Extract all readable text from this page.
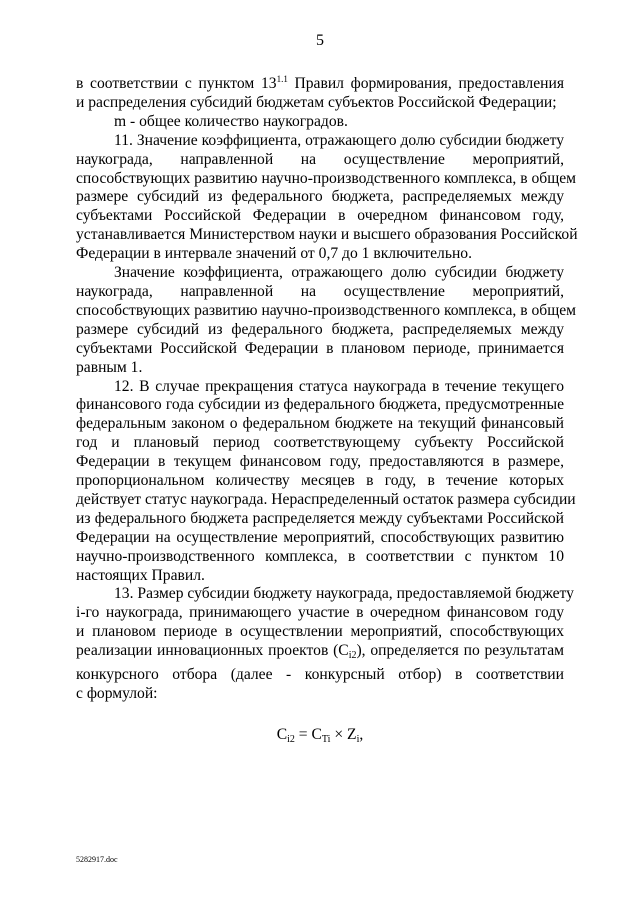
5
в соответствии с пунктом $13^{1.1}$ Правил формирования, предоставления
и распределения субсидий бюджетам субъектов Российской Федерации;
m - общее количество наукоградов.
11. Значение коэффициента, отражающего долю субсидии бюджету
наукограда, направленной на осуществление мероприятий,
способствующих развитию научно-производственного комплекса, в общем
размере субсидий из федерального бюджета, распределяемых между
субъектами Российской Федерации в очередном финансовом году,
устанавливается Министерством науки и высшего образования Российской
Федерации в интервале значений от 0,7 до 1 включительно.
Значение коэффициента, отражающего долю субсидии бюджету
наукограда, направленной на осуществление мероприятий,
способствующих развитию научно-производственного комплекса, в общем
размере субсидий из федерального бюджета, распределяемых между
субъектами Российской Федерации в плановом периоде, принимается
равным 1.
12. В случае прекращения статуса наукограда в течение текущего
финансового года субсидии из федерального бюджета, предусмотренные
федеральным законом о федеральном бюджете на текущий финансовый
год и плановый период соответствующему субъекту Российской
Федерации в текущем финансовом году, предоставляются в размере,
пропорциональном количеству месяцев в году, в течение которых
действует статус наукограда. Нераспределенный остаток размера субсидии
из федерального бюджета распределяется между субъектами Российской
Федерации на осуществление мероприятий, способствующих развитию
научно-производственного комплекса, в соответствии с пунктом 10
настоящих Правил.
13. Размер субсидии бюджету наукограда, предоставляемой бюджету
i-го наукограда, принимающего участие в очередном финансовом году
и плановом периоде в осуществлении мероприятий, способствующих
реализации инновационных проектов $(C_{i2})$, определяется по результатам
конкурсного отбора (далее - конкурсный отбор) в соответствии
с формулой:
$C_{i2} = C_{Ti} \times Z_i$,
5282917.doc
